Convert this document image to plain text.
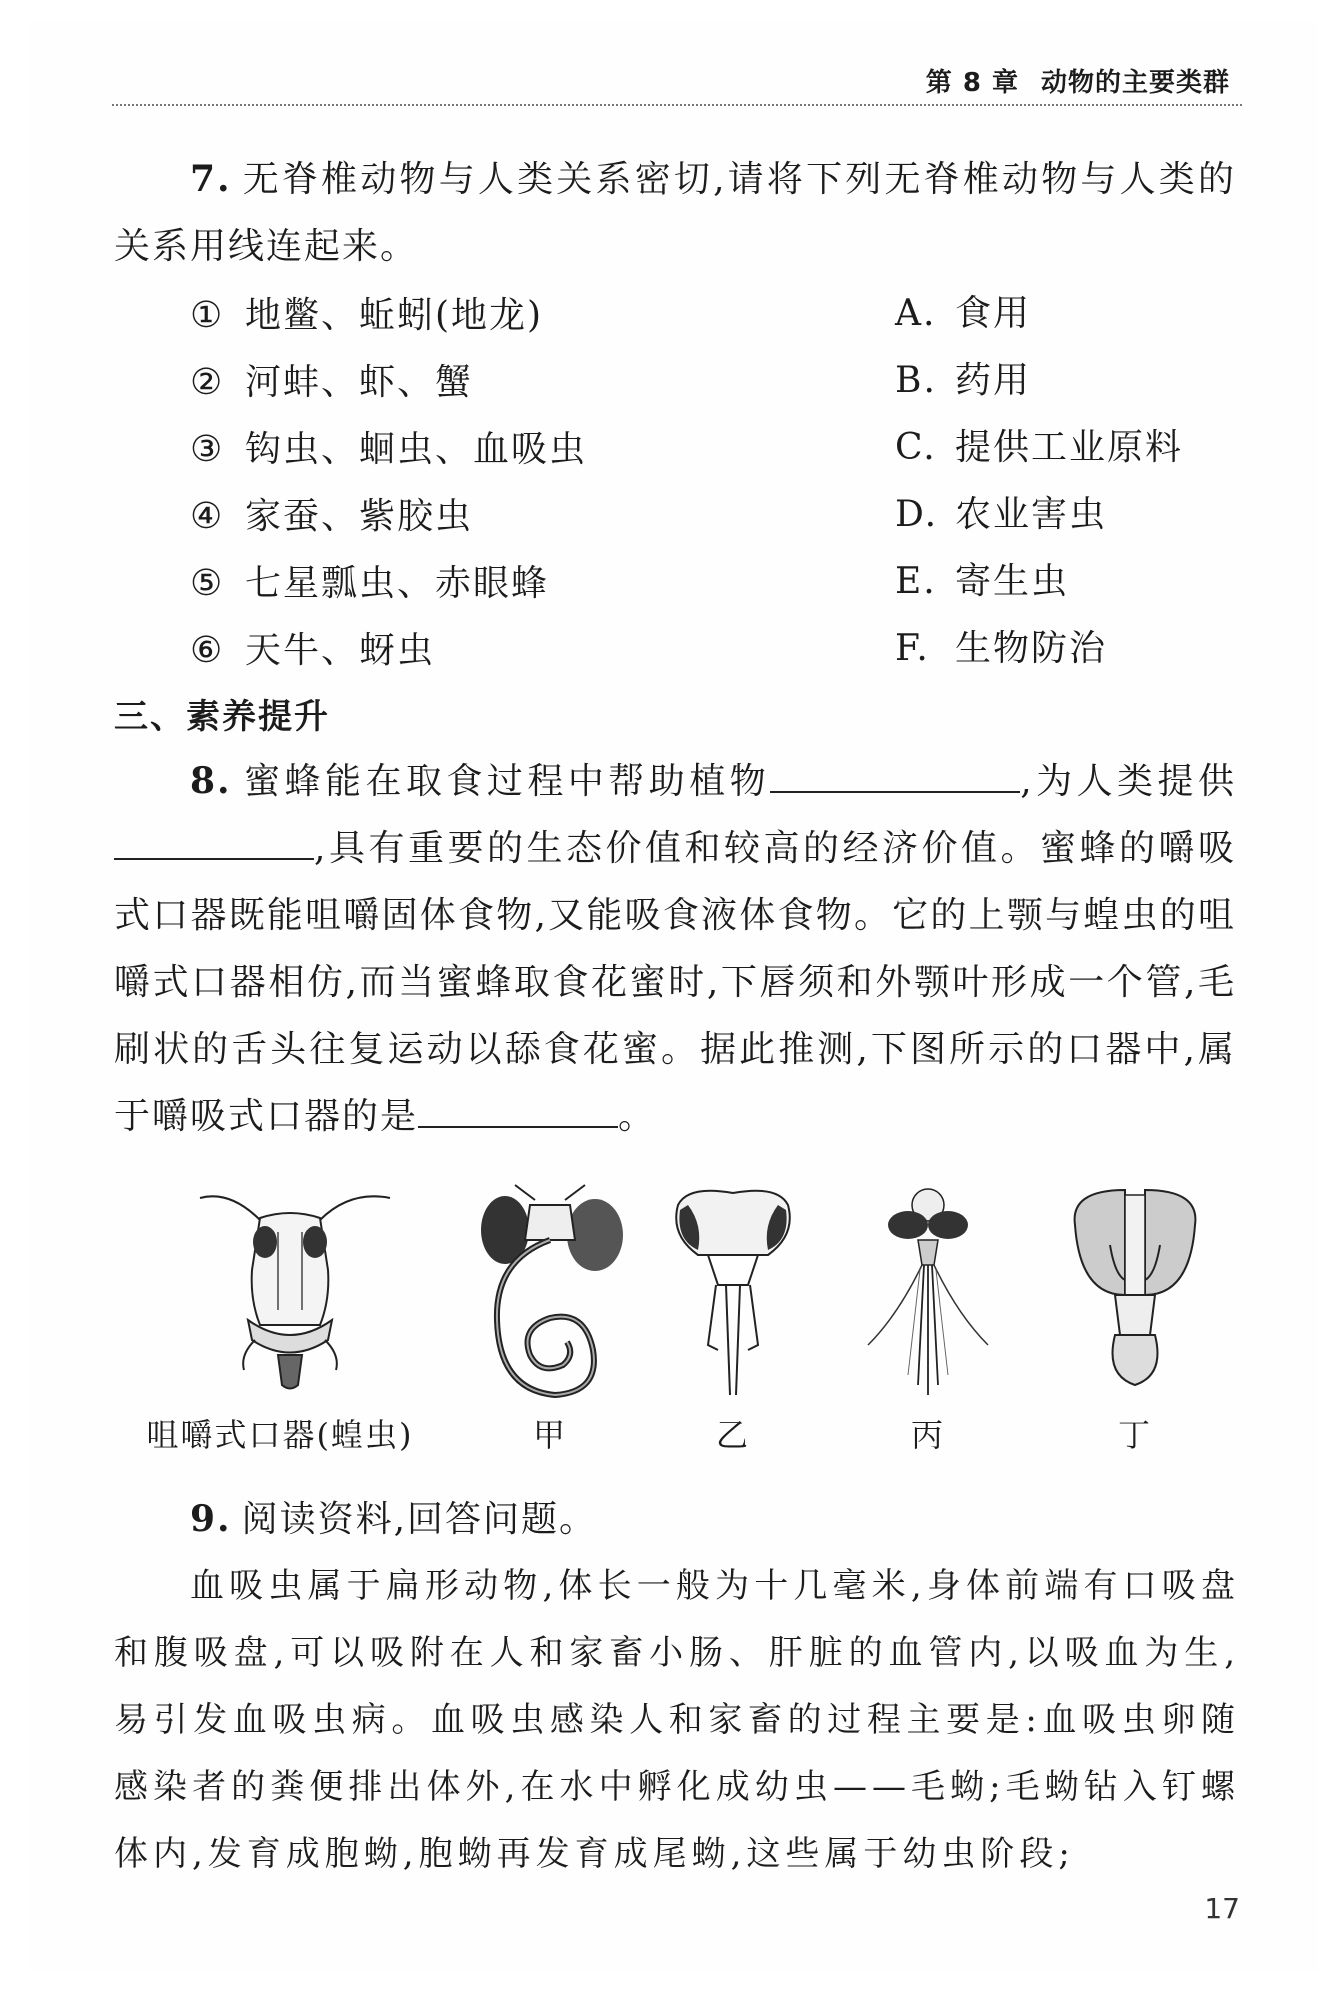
第 8 章 动物的主要类群
7. 无脊椎动物与人类关系密切,请将下列无脊椎动物与人类的关系用线连起来。
① 地鳖、蚯蚓(地龙)
② 河蚌、虾、蟹
③ 钩虫、蛔虫、血吸虫
④ 家蚕、紫胶虫
⑤ 七星瓢虫、赤眼蜂
⑥ 天牛、蚜虫
A. 食用
B. 药用
C. 提供工业原料
D. 农业害虫
E. 寄生虫
F. 生物防治
三、素养提升
8. 蜜蜂能在取食过程中帮助植物	,为人类提供,具有重要的生态价值和较高的经济价值。蜜蜂的嚼吸式口器既能咀嚼固体食物,又能吸食液体食物。它的上颚与蝗虫的咀嚼式口器相仿,而当蜜蜂取食花蜜时,下唇须和外颚叶形成一个管,毛刷状的舌头往复运动以舔食花蜜。据此推测,下图所示的口器中,属于嚼吸式口器的是	。
咀嚼式口器(蝗虫)	甲	乙	丙	丁
9. 阅读资料,回答问题。
血吸虫属于扁形动物,体长一般为十几毫米,身体前端有口吸盘和腹吸盘,可以吸附在人和家畜小肠、肝脏的血管内,以吸血为生,易引发血吸虫病。血吸虫感染人和家畜的过程主要是:血吸虫卵随感染者的粪便排出体外,在水中孵化成幼虫——毛蚴;毛蚴钻入钉螺体内,发育成胞蚴,胞蚴再发育成尾蚴,这些属于幼虫阶段;
17
